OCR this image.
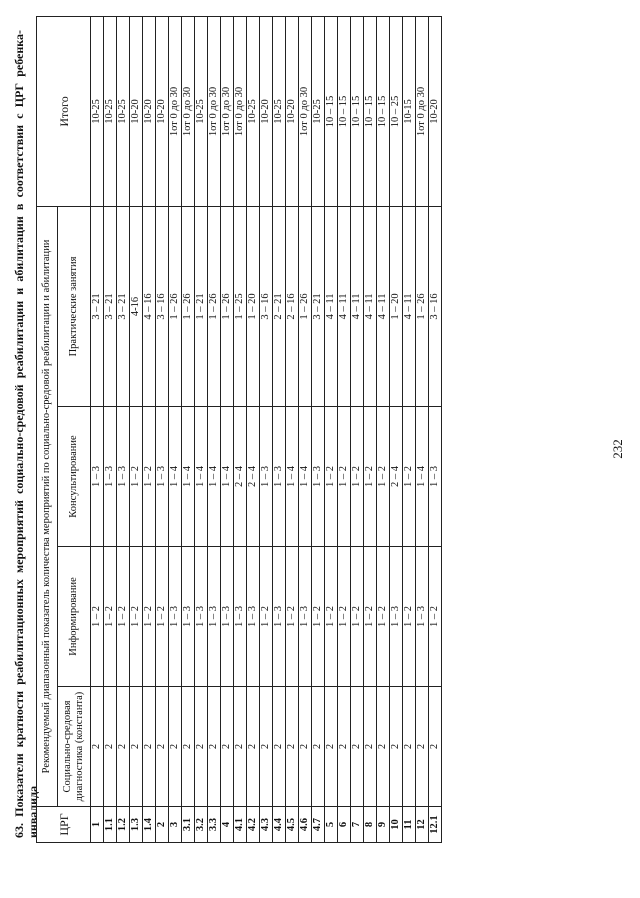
63. Показатели кратности реабилитационных мероприятий социально-средовой реабилитации и абилитации в соответствии с ЦРГ ребенка-инвалида ЦРГ	Рекомендуемый диапазонный показатель количества мероприятий по социально-средовой реабилитации и абилитации				Итого
	Социально-средовая диагностика (константа)	Информирование	Консультирование	Практические занятия	
1	2	1 – 2	1 – 3	3 – 21	10-25
1.1	2	1 – 2	1 – 3	3 – 21	10-25
1.2	2	1 – 2	1 – 3	3 – 21	10-25
1.3	2	1 – 2	1 – 2	4-16	10-20
1.4	2	1 – 2	1 – 2	4 – 16	10-20
2	2	1 – 2	1 – 3	3 – 16	10-20
3	2	1 – 3	1 – 4	1 – 26	1от 0 до 30
3.1	2	1 – 3	1 – 4	1 – 26	1от 0 до 30
3.2	2	1 – 3	1 – 4	1 – 21	10-25
3.3	2	1 – 3	1 – 4	1 – 26	1от 0 до 30
4	2	1 – 3	1 – 4	1 – 26	1от 0 до 30
4.1	2	1 – 3	2 – 4	1 – 25	1от 0 до 30
4.2	2	1 – 3	2 – 4	1 – 20	10-25
4.3	2	1 – 2	1 – 3	3 – 16	10-20
4.4	2	1 – 3	1 – 3	2 – 21	10-25
4.5	2	1 – 2	1 – 4	2 – 16	10-20
4.6	2	1 – 3	1 – 4	1 – 26	1от 0 до 30
4.7	2	1 – 2	1 – 3	3 – 21	10-25
5	2	1 – 2	1 – 2	4 – 11	10 – 15
6	2	1 – 2	1 – 2	4 – 11	10 – 15
7	2	1 – 2	1 – 2	4 – 11	10 – 15
8	2	1 – 2	1 – 2	4 – 11	10 – 15
9	2	1 – 2	1 – 2	4 – 11	10 – 15
10	2	1 – 3	2 – 4	1 – 20	10 – 25
11	2	1 – 2	1 – 2	4 – 11	10-15
12	2	1 – 3	1 – 4	1 – 26	1от 0 до 30
12.1	2	1 – 2	1 – 3	3 – 16	10-20
232
